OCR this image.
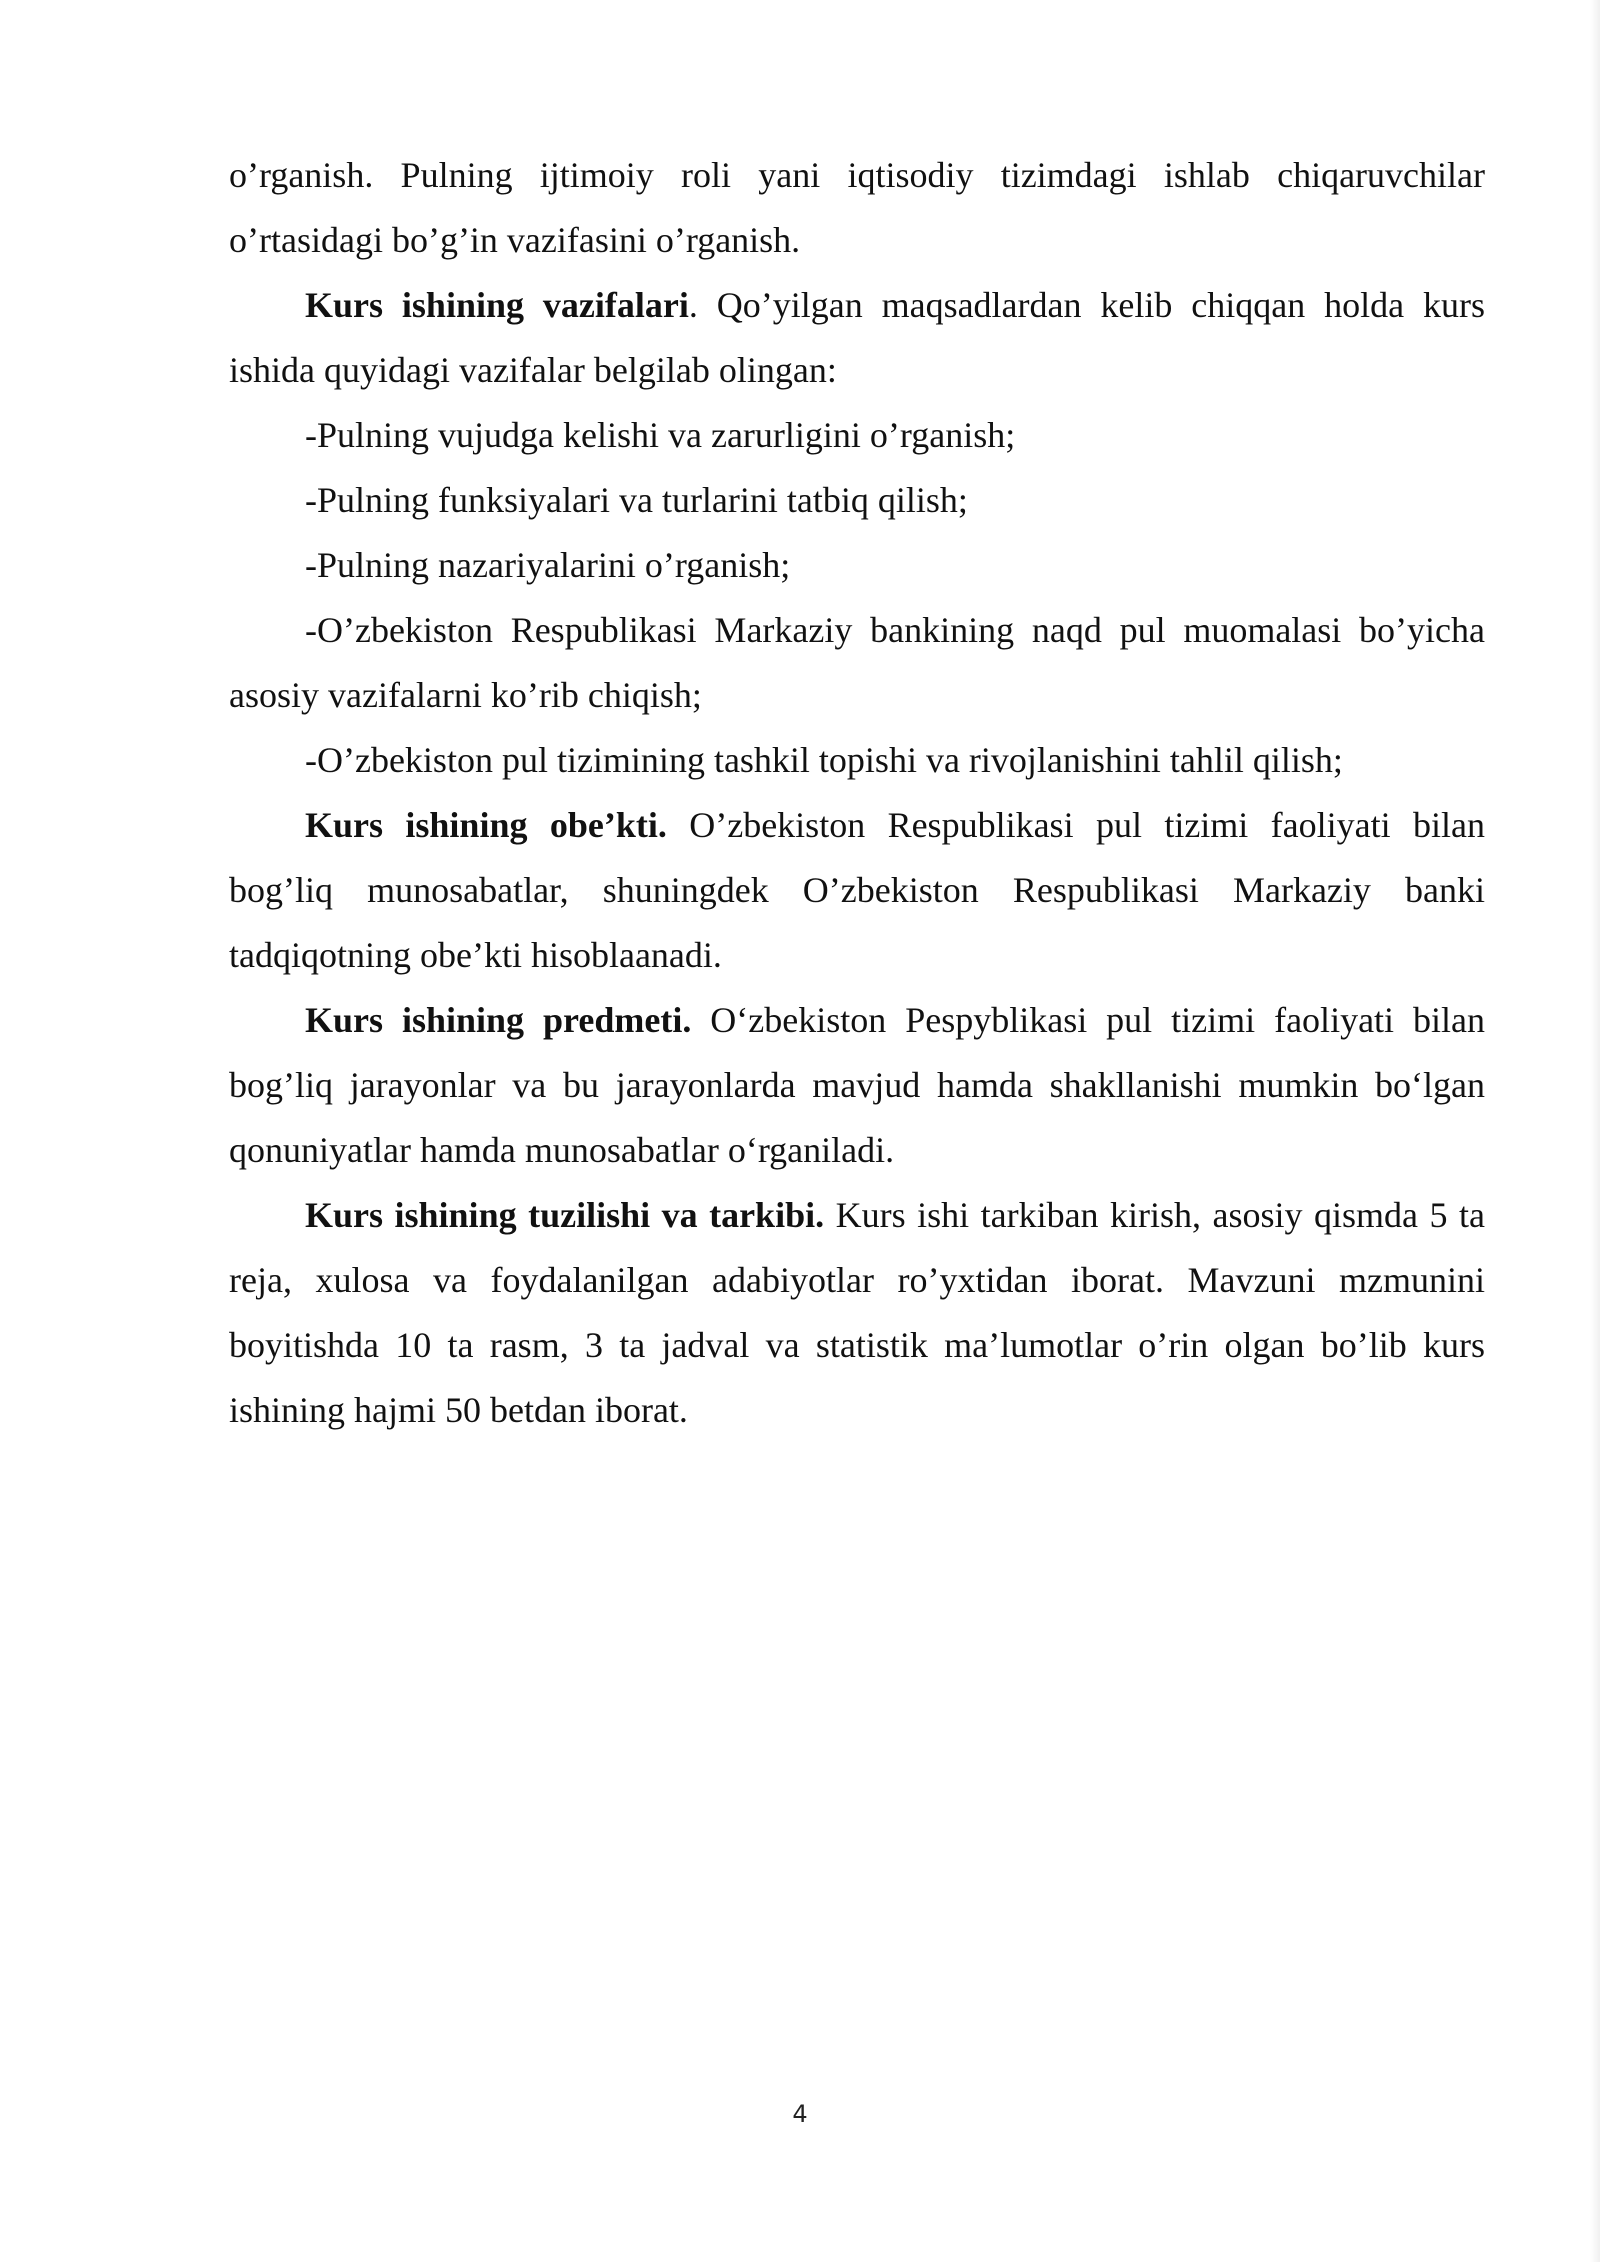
o’rganish. Pulning ijtimoiy roli yani iqtisodiy tizimdagi ishlab chiqaruvchilar o’rtasidagi bo’g’in vazifasini o’rganish.

Kurs ishining vazifalari. Qo’yilgan maqsadlardan kelib chiqqan holda kurs ishida quyidagi vazifalar belgilab olingan:

-Pulning vujudga kelishi va zarurligini o’rganish;

-Pulning funksiyalari va turlarini tatbiq qilish;

-Pulning nazariyalarini o’rganish;

-O’zbekiston Respublikasi Markaziy bankining naqd pul muomalasi bo’yicha asosiy vazifalarni ko’rib chiqish;

-O’zbekiston pul tizimining tashkil topishi va rivojlanishini tahlil qilish;

Kurs ishining obe’kti. O’zbekiston Respublikasi pul tizimi faoliyati bilan bog’liq munosabatlar, shuningdek O’zbekiston Respublikasi Markaziy banki tadqiqotning obe’kti hisoblaanadi.

Kurs ishining predmeti. O‘zbekiston Pespyblikasi pul tizimi faoliyati bilan bog’liq jarayonlar va bu jarayonlarda mavjud hamda shakllanishi mumkin bo‘lgan qonuniyatlar hamda munosabatlar o‘rganiladi.

Kurs ishining tuzilishi va tarkibi. Kurs ishi tarkiban kirish, asosiy qismda 5 ta reja, xulosa va foydalanilgan adabiyotlar ro’yxtidan iborat. Mavzuni mzmunini boyitishda 10 ta rasm, 3 ta jadval va statistik ma’lumotlar o’rin olgan bo’lib kurs ishining hajmi 50 betdan iborat.

4
